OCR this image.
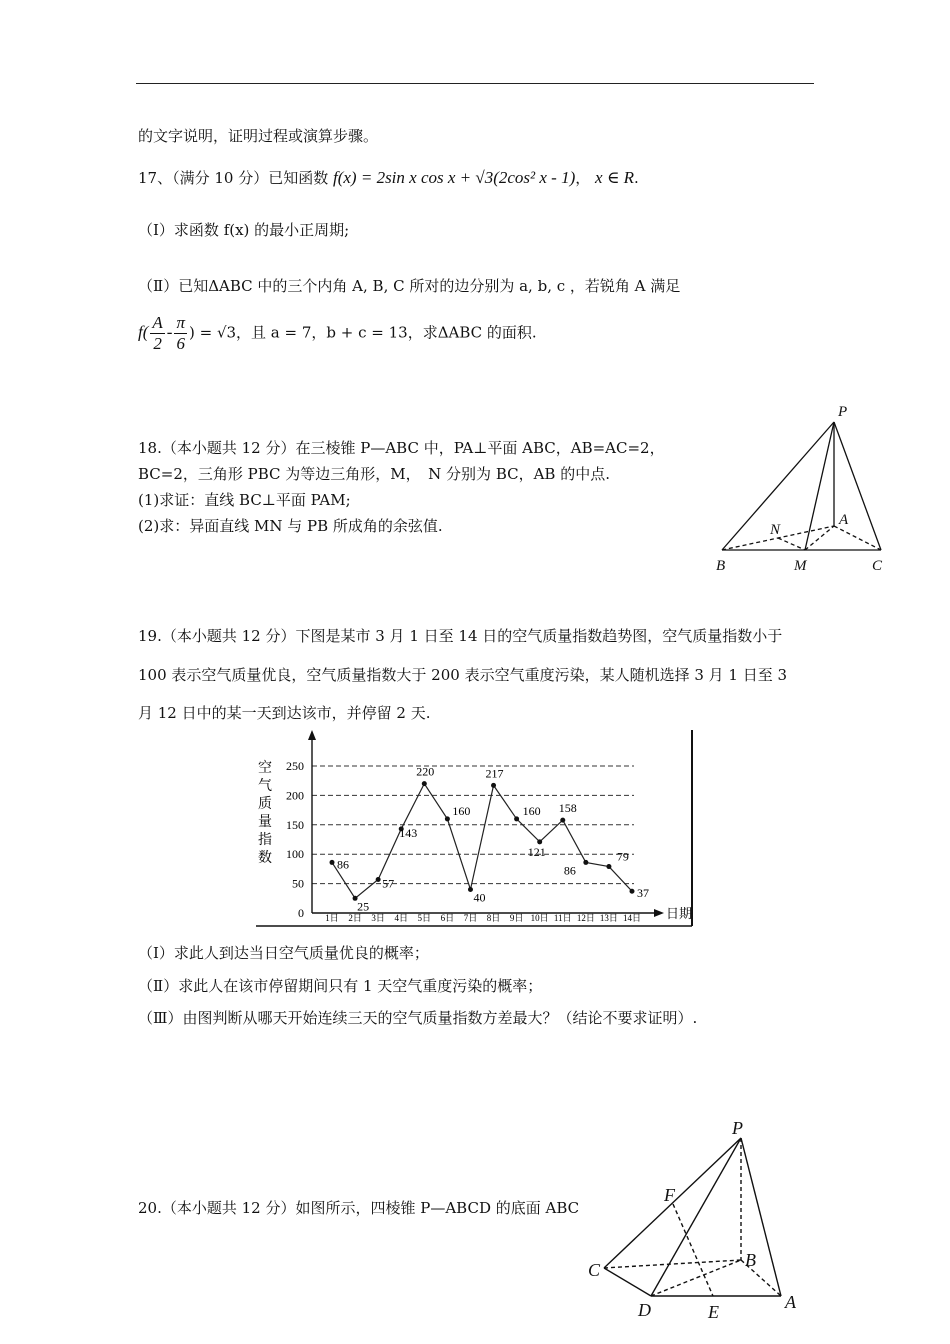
的文字说明，证明过程或演算步骤。
17、（满分 10 分）已知函数 f(x) = 2sin x cos x + √3(2cos² x - 1)， x ∈ R.
（Ⅰ）求函数 f(x) 的最小正周期;
（Ⅱ）已知ΔABC 中的三个内角 A, B, C 所对的边分别为 a, b, c ，若锐角 A 满足
$f( \frac{A}{2} - \frac{\pi}{6}$ ) = √3，且 a = 7，b + c = 13，求ΔABC 的面积.
18.（本小题共 12 分）在三棱锥 P—ABC 中，PA⊥平面 ABC，AB=AC=2，
BC=2，三角形 PBC 为等边三角形，M，　N 分别为 BC，AB 的中点.
(1)求证：直线 BC⊥平面 PAM;
(2)求：异面直线 MN 与 PB 所成角的余弦值.
P
A
B	C
M
N
19.（本小题共 12 分）下图是某市 3 月 1 日至 14 日的空气质量指数趋势图，空气质量指数小于
100 表示空气质量优良，空气质量指数大于 200 表示空气重度污染，某人随机选择 3 月 1 日至 3
月 12 日中的某一天到达该市，并停留 2 天.
日期
空
气
质
量
指
数
0
50
100
150
200
250
1日 2日 3日 4日 5日 6日 7日 8日 9日 10日 11日 12日 13日 14日
86
25
57
143
220
160
40
217
160
121
158
86
79
37
（Ⅰ）求此人到达当日空气质量优良的概率；
（Ⅱ）求此人在该市停留期间只有 1 天空气重度污染的概率；
（Ⅲ）由图判断从哪天开始连续三天的空气质量指数方差最大？（结论不要求证明）.
20.（本小题共 12 分）如图所示，四棱锥 P—ABCD 的底面 ABC
P
F
C	B
D	E	A
